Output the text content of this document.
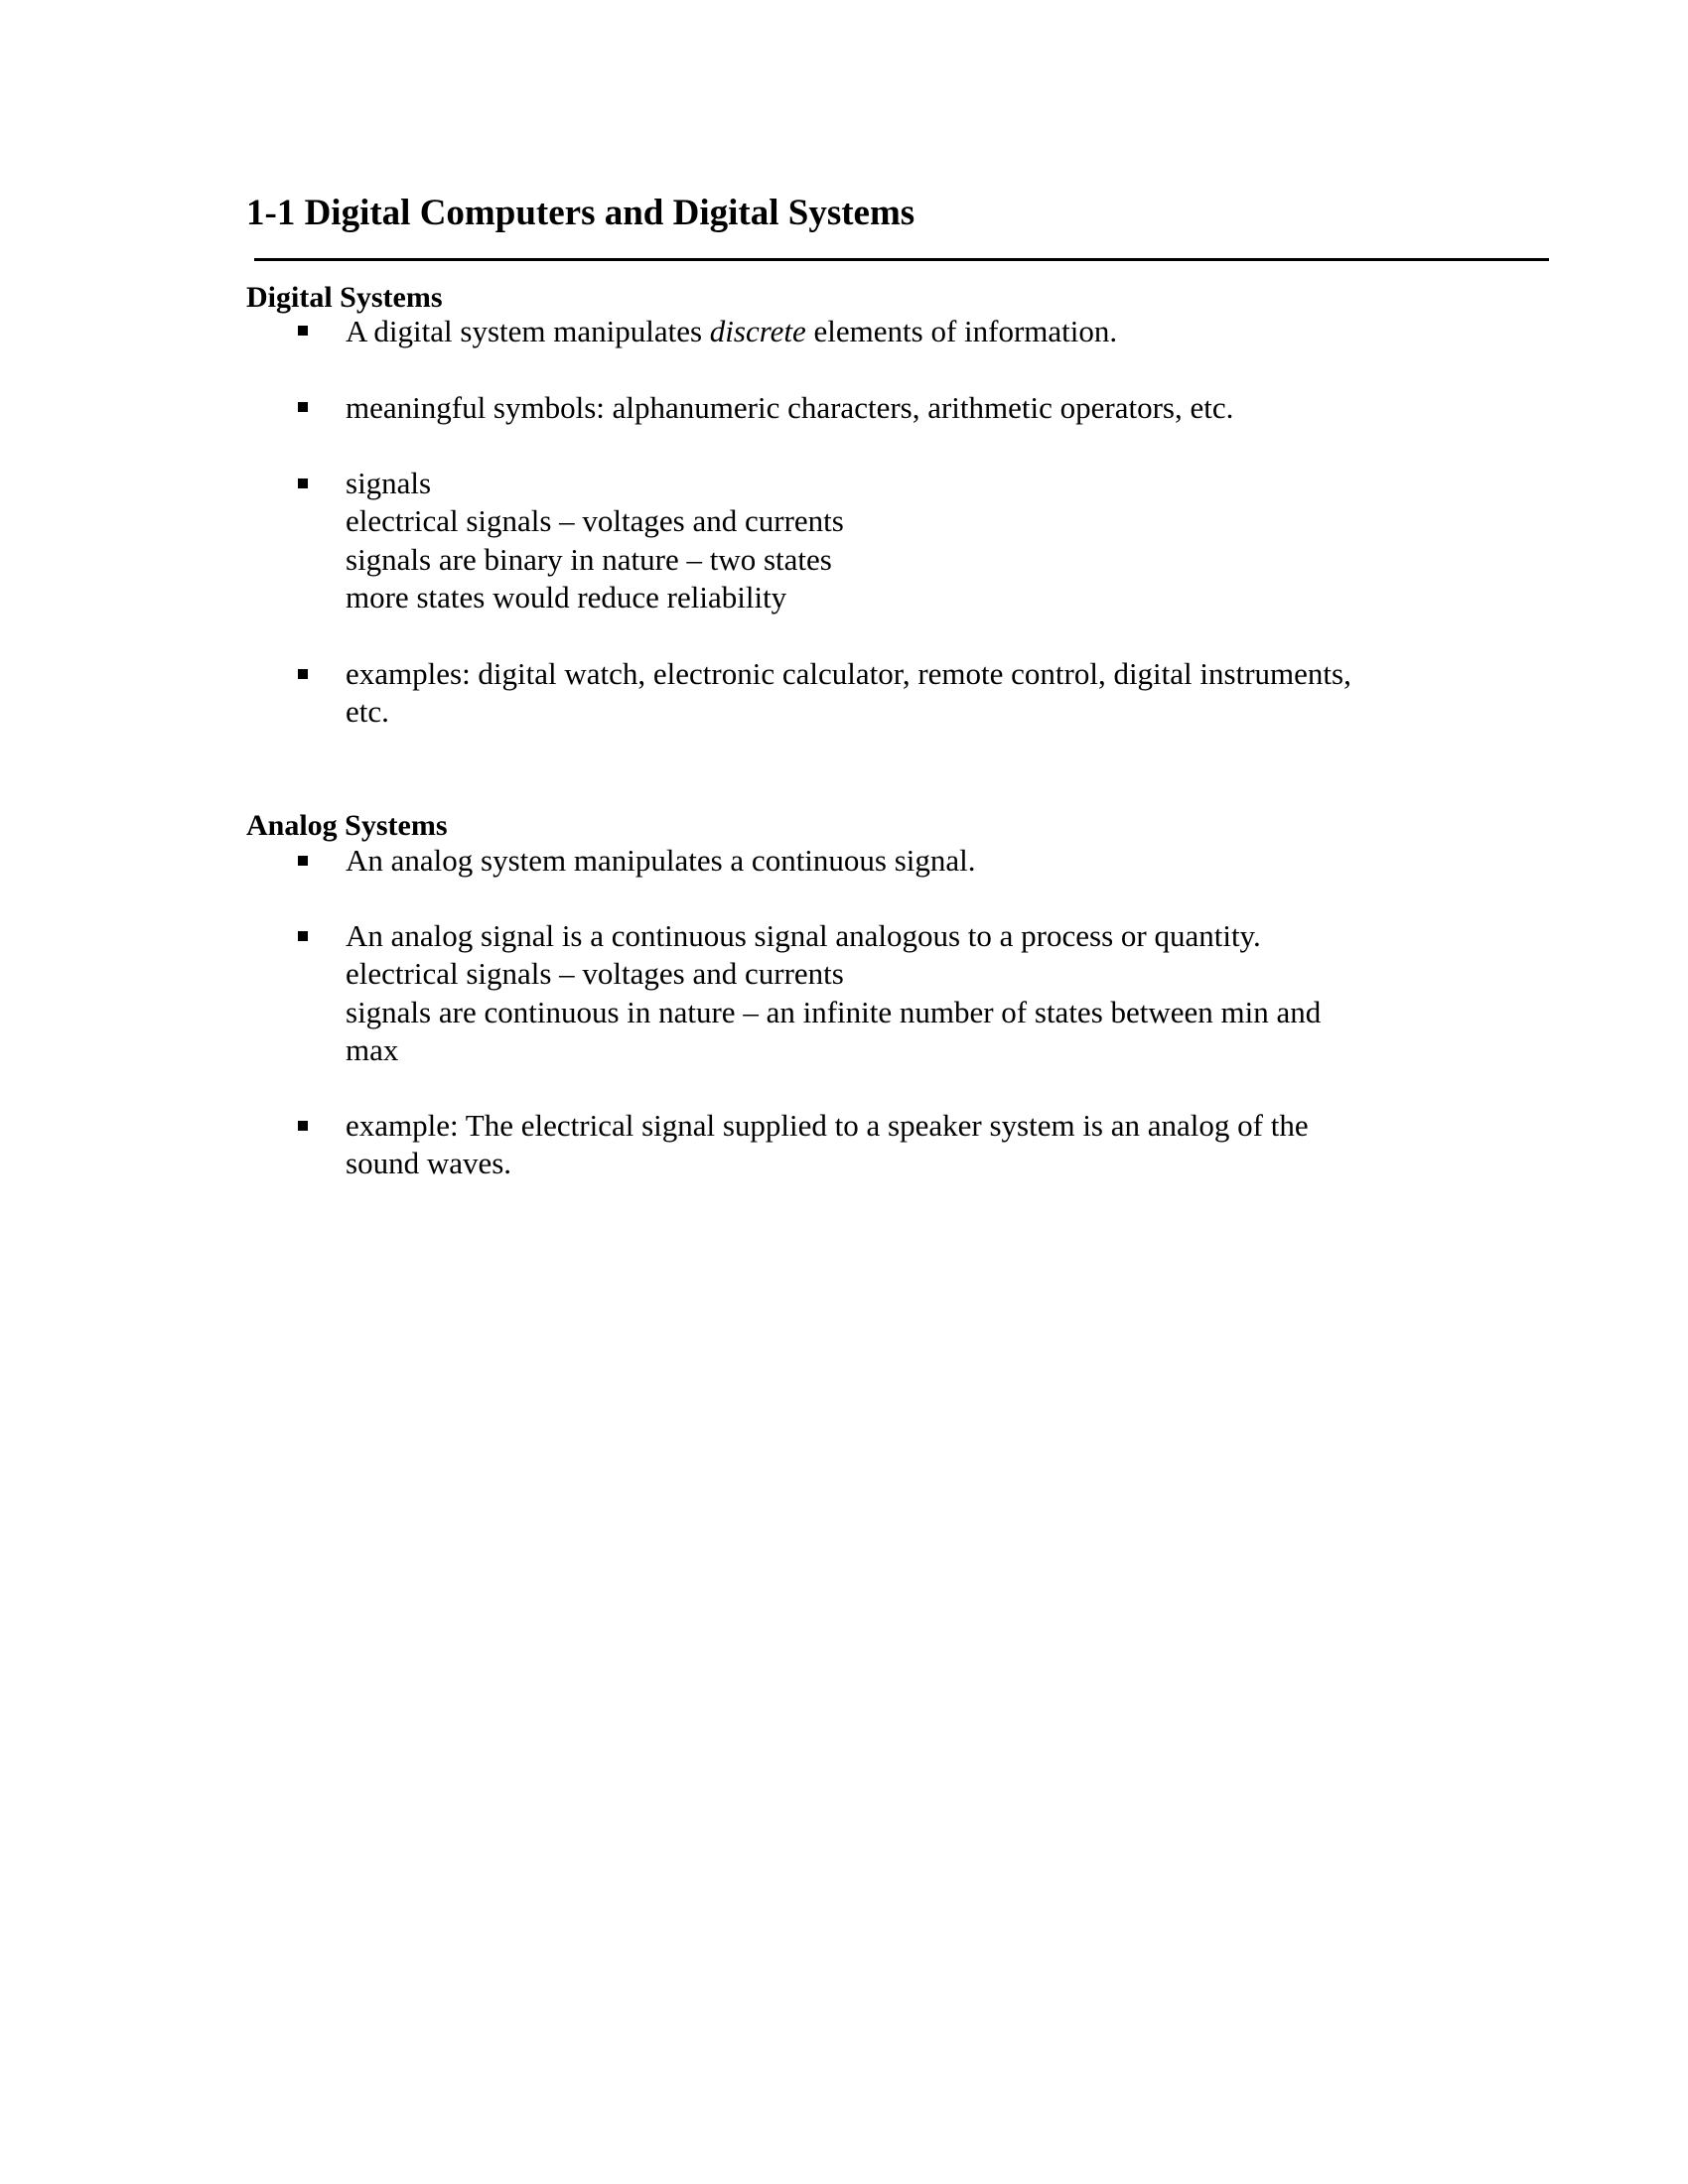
1-1 Digital Computers and Digital Systems
Digital Systems

A digital system manipulates discrete elements of information.

meaningful symbols: alphanumeric characters, arithmetic operators, etc.

signals
electrical signals – voltages and currents
signals are binary in nature – two states
more states would reduce reliability

examples: digital watch, electronic calculator, remote control, digital instruments,
etc.

Analog Systems

An analog system manipulates a continuous signal.

An analog signal is a continuous signal analogous to a process or quantity.
electrical signals – voltages and currents
signals are continuous in nature – an infinite number of states between min and
max

example: The electrical signal supplied to a speaker system is an analog of the
sound waves.
